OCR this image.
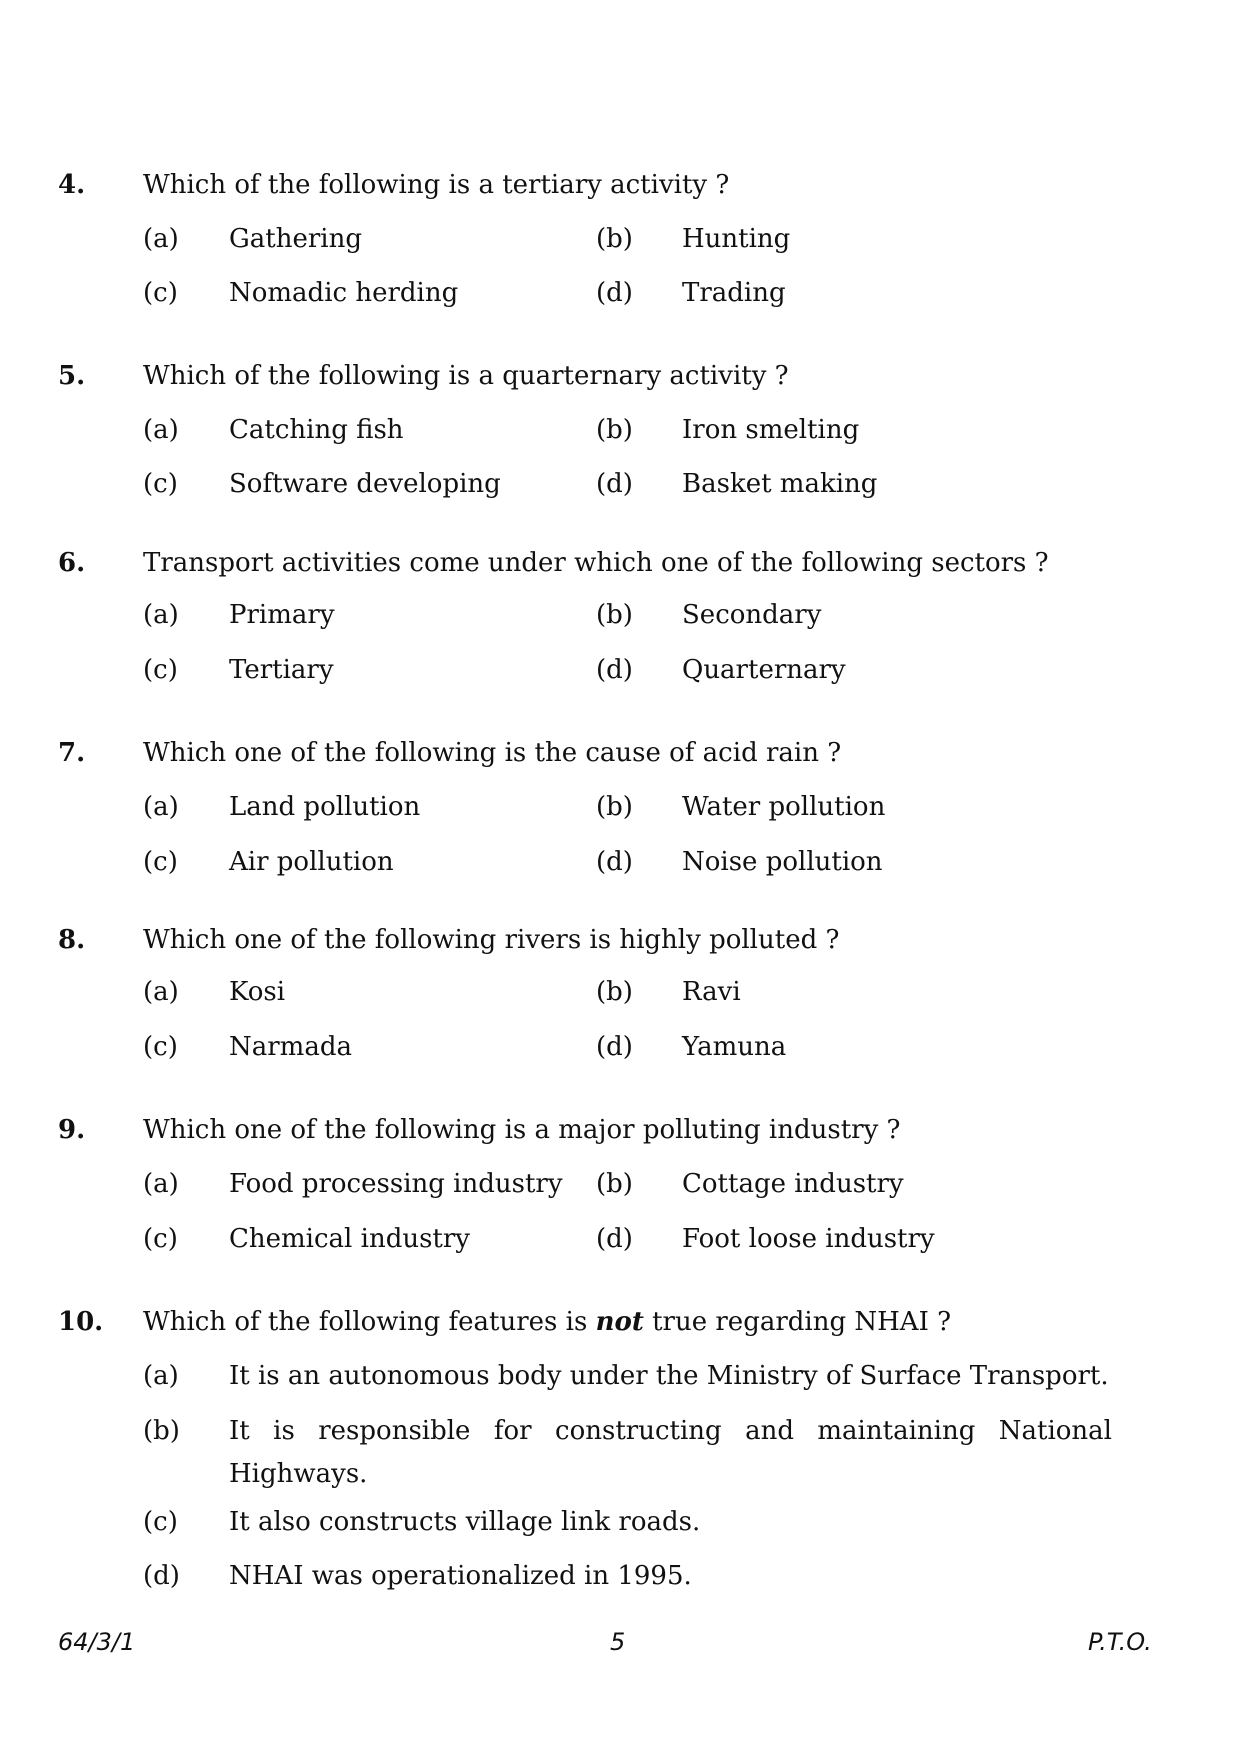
4. Which of the following is a tertiary activity ?
(a) Gathering	(b) Hunting
(c) Nomadic herding	(d) Trading
5. Which of the following is a quarternary activity ?
(a) Catching fish	(b) Iron smelting
(c) Software developing	(d) Basket making
6. Transport activities come under which one of the following sectors ?
(a) Primary	(b) Secondary
(c) Tertiary	(d) Quarternary
7. Which one of the following is the cause of acid rain ?
(a) Land pollution	(b) Water pollution
(c) Air pollution	(d) Noise pollution
8. Which one of the following rivers is highly polluted ?
(a) Kosi	(b) Ravi
(c) Narmada	(d) Yamuna
9. Which one of the following is a major polluting industry ?
(a) Food processing industry (b) Cottage industry
(c) Chemical industry	(d) Foot loose industry
10. Which of the following features is not true regarding NHAI ?
(a) It is an autonomous body under the Ministry of Surface Transport.
(b) It is responsible for constructing and maintaining National
Highways.
(c) It also constructs village link roads.
(d) NHAI was operationalized in 1995.
64/3/1	5	P.T.O.
